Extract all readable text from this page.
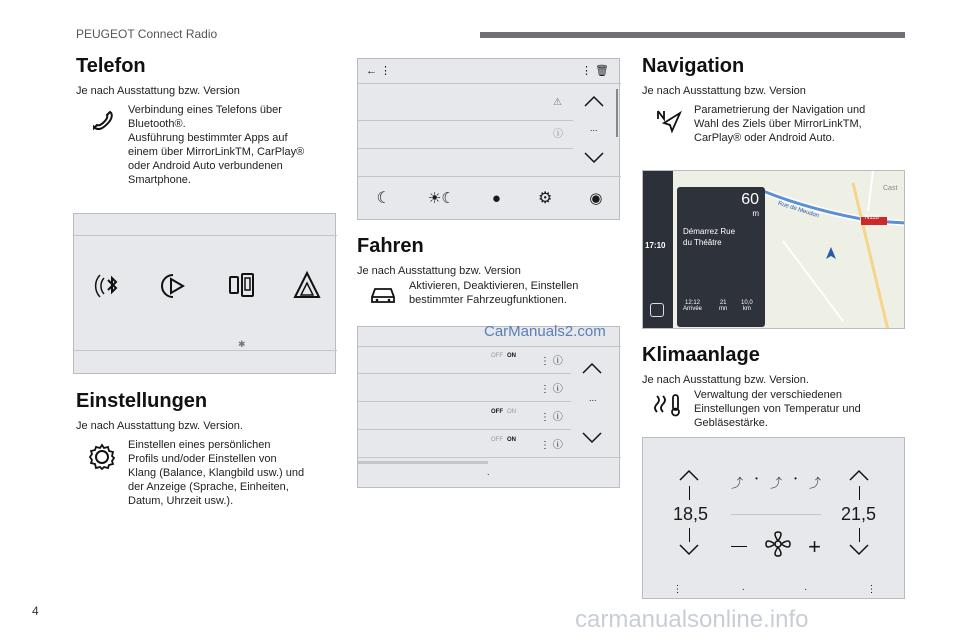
PEUGEOT Connect Radio
Telefon
Je nach Ausstattung bzw. Version
Verbindung eines Telefons über
Bluetooth®.
Ausführung bestimmter Apps auf
einem über MirrorLinkTM, CarPlay®
oder Android Auto verbundenen
Smartphone.
✱
Einstellungen
Je nach Ausstattung bzw. Version.
Einstellen eines persönlichen
Profils und/oder Einstellen von
Klang (Balance, Klangbild usw.) und
der Anzeige (Sprache, Einheiten,
Datum, Uhrzeit usw.).
← ⋮	⋮ 🗑
⚠
ⓘ
...
☾ ☀☾ ● ⚙ ◉
Fahren
Je nach Ausstattung bzw. Version
Aktivieren, Deaktivieren, Einstellen
bestimmter Fahrzeugfunktionen.
OFF ON
OFF ON
OFF ON
⋮ ⓘ
⋮ ⓘ
⋮ ⓘ
⋮ ⓘ
...
.
Navigation
Je nach Ausstattung bzw. Version
Parametrierung der Navigation und
Wahl des Ziels über MirrorLinkTM,
CarPlay® oder Android Auto.
N118
Cast
Rue de Meudon
17:10
60
m
Démarrez Rue
du Théâtre
12:12
Arrivée
21
mn
10,0
km
Klimaanlage
Je nach Ausstattung bzw. Version.
Verwaltung der verschiedenen
Einstellungen von Temperatur und
Gebläsestärke.
18,5	21,5
⤴ • ⤴ • ⤴
+
⋮	·	·	⋮
CarManuals2.com
carmanualsonline.info
4
